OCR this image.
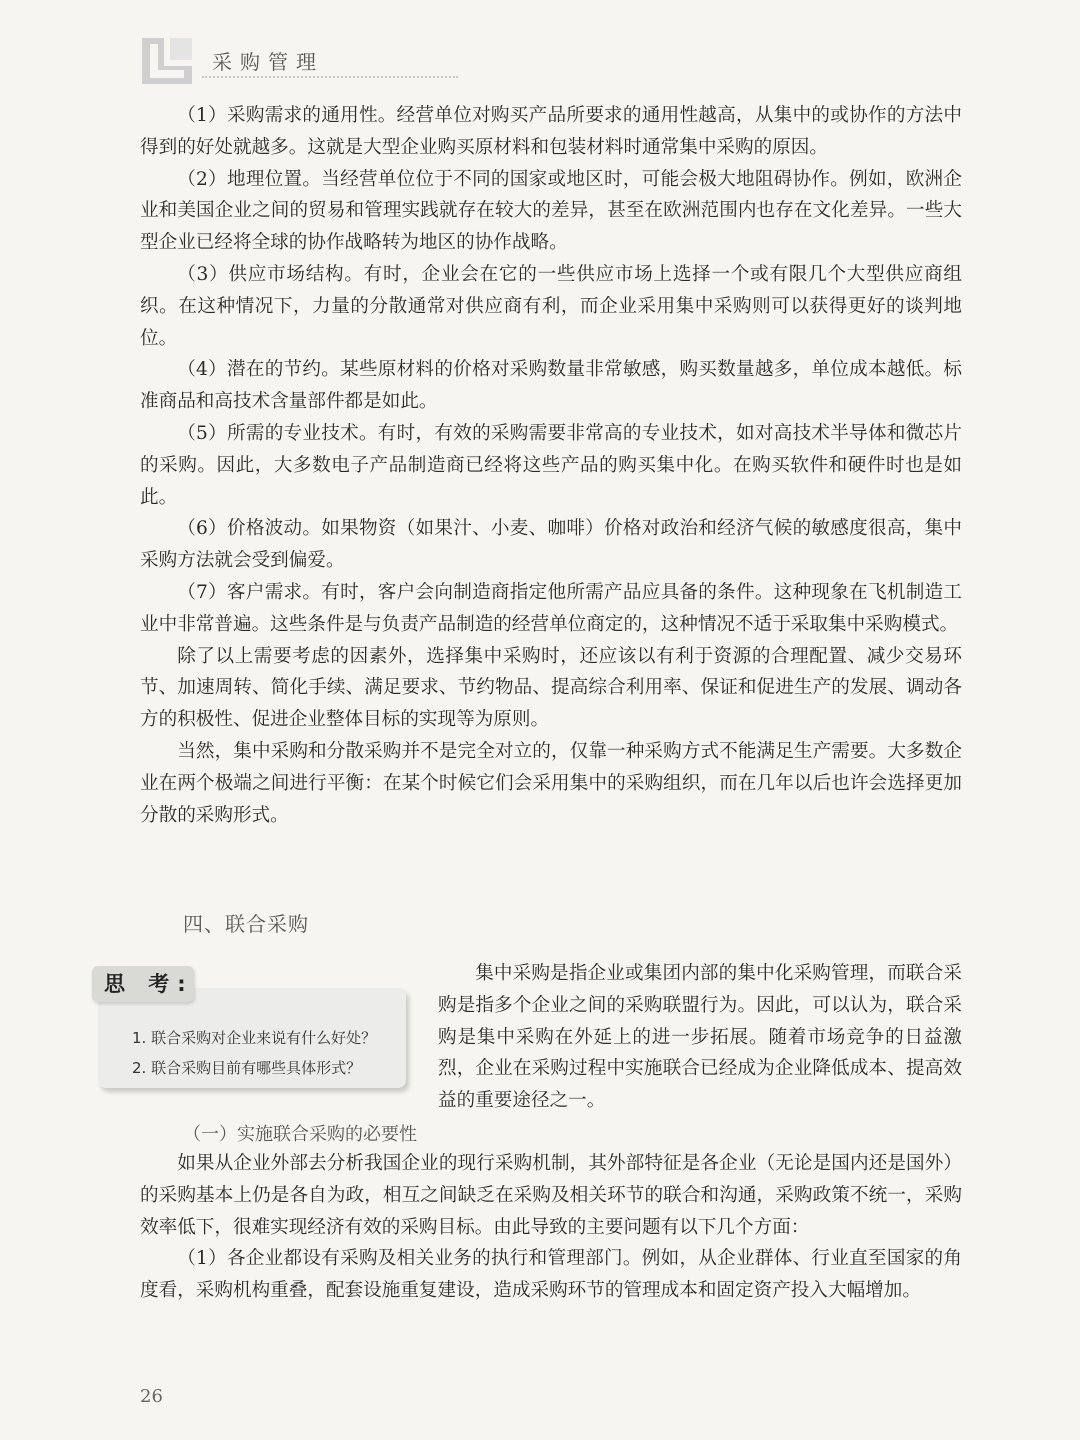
采购管理

（1）采购需求的通用性。经营单位对购买产品所要求的通用性越高，从集中的或协作的方法中得到的好处就越多。这就是大型企业购买原材料和包装材料时通常集中采购的原因。

（2）地理位置。当经营单位位于不同的国家或地区时，可能会极大地阻碍协作。例如，欧洲企业和美国企业之间的贸易和管理实践就存在较大的差异，甚至在欧洲范围内也存在文化差异。一些大型企业已经将全球的协作战略转为地区的协作战略。

（3）供应市场结构。有时，企业会在它的一些供应市场上选择一个或有限几个大型供应商组织。在这种情况下，力量的分散通常对供应商有利，而企业采用集中采购则可以获得更好的谈判地位。

（4）潜在的节约。某些原材料的价格对采购数量非常敏感，购买数量越多，单位成本越低。标准商品和高技术含量部件都是如此。

（5）所需的专业技术。有时，有效的采购需要非常高的专业技术，如对高技术半导体和微芯片的采购。因此，大多数电子产品制造商已经将这些产品的购买集中化。在购买软件和硬件时也是如此。

（6）价格波动。如果物资（如果汁、小麦、咖啡）价格对政治和经济气候的敏感度很高，集中采购方法就会受到偏爱。

（7）客户需求。有时，客户会向制造商指定他所需产品应具备的条件。这种现象在飞机制造工业中非常普遍。这些条件是与负责产品制造的经营单位商定的，这种情况不适于采取集中采购模式。

除了以上需要考虑的因素外，选择集中采购时，还应该以有利于资源的合理配置、减少交易环节、加速周转、简化手续、满足要求、节约物品、提高综合利用率、保证和促进生产的发展、调动各方的积极性、促进企业整体目标的实现等为原则。

当然，集中采购和分散采购并不是完全对立的，仅靠一种采购方式不能满足生产需要。大多数企业在两个极端之间进行平衡：在某个时候它们会采用集中的采购组织，而在几年以后也许会选择更加分散的采购形式。

四、联合采购
思 考:
1. 联合采购对企业来说有什么好处？
2. 联合采购目前有哪些具体形式？

集中采购是指企业或集团内部的集中化采购管理，而联合采购是指多个企业之间的采购联盟行为。因此，可以认为，联合采购是集中采购在外延上的进一步拓展。随着市场竞争的日益激烈，企业在采购过程中实施联合已经成为企业降低成本、提高效益的重要途径之一。

（一）实施联合采购的必要性

如果从企业外部去分析我国企业的现行采购机制，其外部特征是各企业（无论是国内还是国外）的采购基本上仍是各自为政，相互之间缺乏在采购及相关环节的联合和沟通，采购政策不统一，采购效率低下，很难实现经济有效的采购目标。由此导致的主要问题有以下几个方面：

（1）各企业都设有采购及相关业务的执行和管理部门。例如，从企业群体、行业直至国家的角度看，采购机构重叠，配套设施重复建设，造成采购环节的管理成本和固定资产投入大幅增加。

26
